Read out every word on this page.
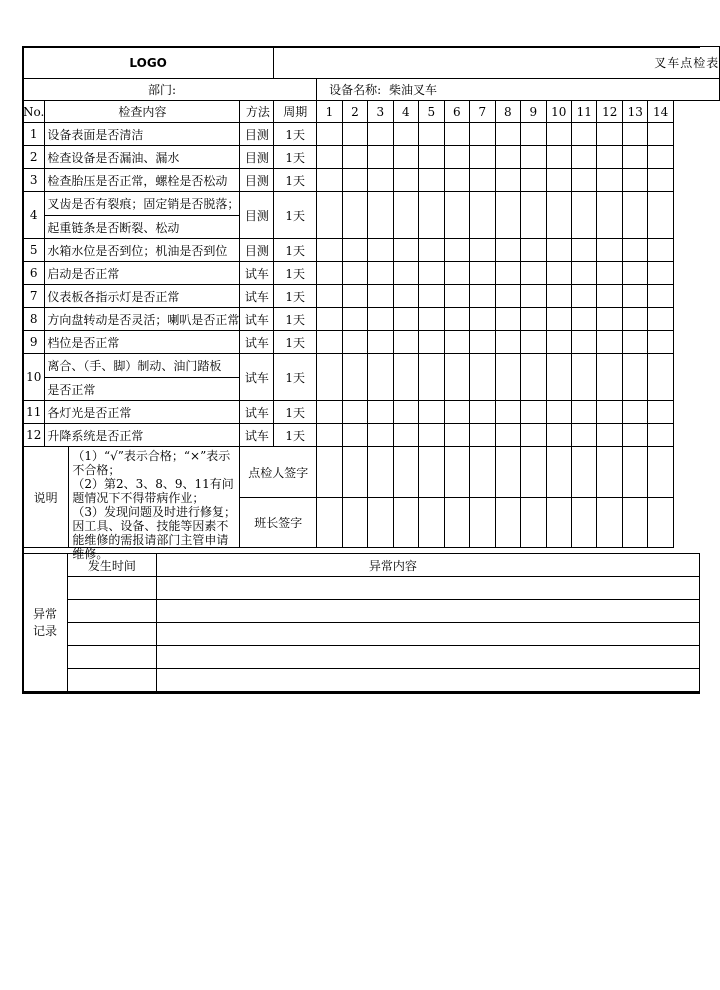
LOGO				叉车点检表														
部门:					设备名称: 柴油叉车													
No.	检查内容		方法	周期	1	2	3	4	5	6	7	8	9	10	11	12	13	14
1	设备表面是否清洁		目测	1天														
2	检查设备是否漏油、漏水		目测	1天														
3	检查胎压是否正常，螺栓是否松动		目测	1天														
4	叉齿是否有裂痕；固定销是否脱落；		目测	1天														
	起重链条是否断裂、松动																	
5	水箱水位是否到位；机油是否到位		目测	1天														
6	启动是否正常		试车	1天														
7	仪表板各指示灯是否正常		试车	1天														
8	方向盘转动是否灵活；喇叭是否正常		试车	1天														
9	档位是否正常		试车	1天														
10	离合、（手、脚）制动、油门踏板		试车	1天														
	是否正常																	
11	各灯光是否正常		试车	1天														
12	升降系统是否正常		试车	1天														
说明		（1）“√”表示合格；“×”表示不合格；
（2）第2、3、8、9、11有问题情况下不得带病作业；
（3）发现问题及时进行修复；因工具、设备、技能等因素不能维修的需报请部门主管申请维修。	点检人签字															
			班长签字															
异常
记录	发生时间	异常内容
